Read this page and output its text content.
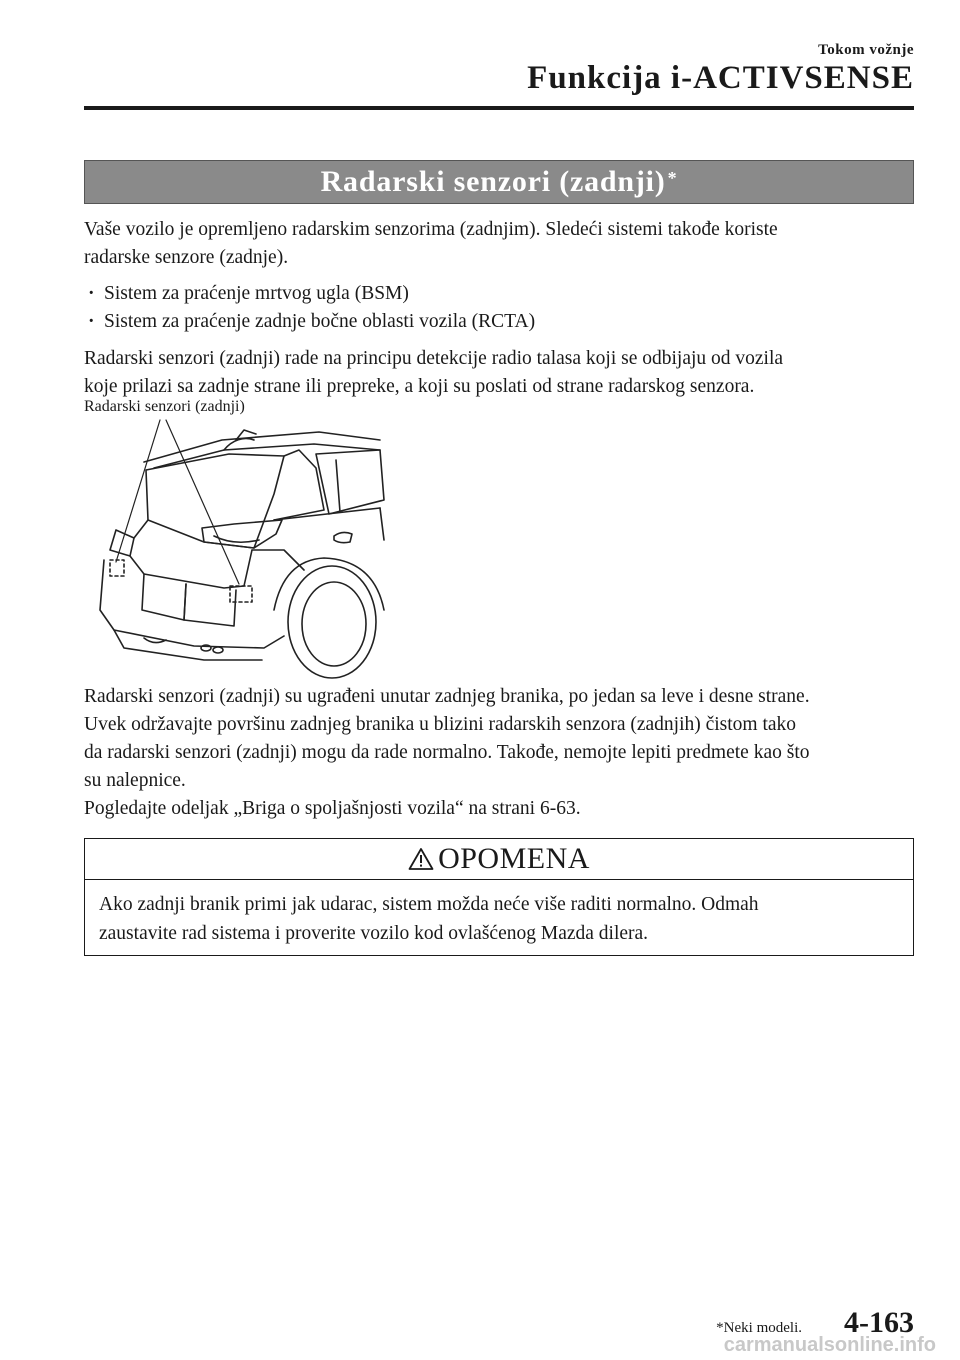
Tokom vožnje
Funkcija i-ACTIVSENSE
Radarski senzori (zadnji)*
Vaše vozilo je opremljeno radarskim senzorima (zadnjim). Sledeći sistemi takođe koriste
radarske senzore (zadnje).
· Sistem za praćenje mrtvog ugla (BSM)
· Sistem za praćenje zadnje bočne oblasti vozila (RCTA)
Radarski senzori (zadnji) rade na principu detekcije radio talasa koji se odbijaju od vozila
koje prilazi sa zadnje strane ili prepreke, a koji su poslati od strane radarskog senzora.
Radarski senzori (zadnji)
Radarski senzori (zadnji) su ugrađeni unutar zadnjeg branika, po jedan sa leve i desne strane.
Uvek održavajte površinu zadnjeg branika u blizini radarskih senzora (zadnjih) čistom tako
da radarski senzori (zadnji) mogu da rade normalno. Takođe, nemojte lepiti predmete kao što
su nalepnice.
Pogledajte odeljak „Briga o spoljašnjosti vozila“ na strani 6-63.
OPOMENA
Ako zadnji branik primi jak udarac, sistem možda neće više raditi normalno. Odmah
zaustavite rad sistema i proverite vozilo kod ovlašćenog Mazda dilera.
*Neki modeli. 4-163
carmanualsonline.info
